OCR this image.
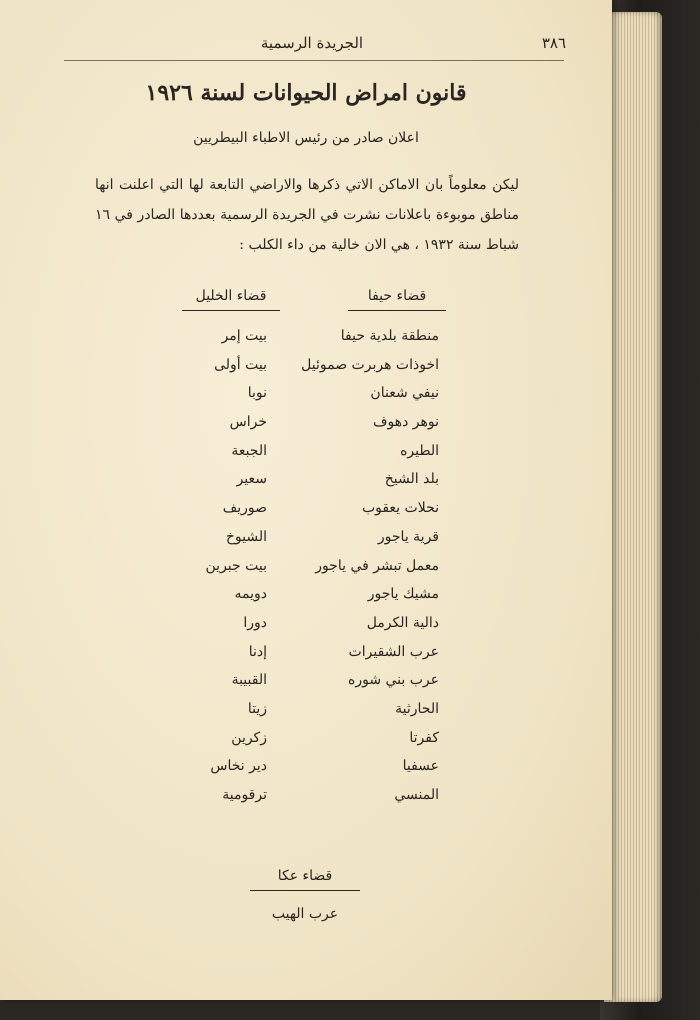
٣٨٦
الجريدة الرسمية
قانون امراض الحيوانات لسنة ١٩٢٦
اعلان صادر من رئيس الاطباء البيطريين
ليكن معلوماً بان الاماكن الاتي ذكرها والاراضي التابعة لها التي اعلنت انها مناطق موبوءة باعلانات نشرت في الجريدة الرسمية بعددها الصادر في ١٦ شباط سنة ١٩٣٢ ، هي الان خالية من داء الكلب :
قضاء حيفا
قضاء الخليل
منطقة بلدية حيفا
اخوذات هربرت صموئيل
نيفي شعنان
نوهر دهوف
الطيره
بلد الشيخ
نحلات يعقوب
قرية ياجور
معمل تبشر في ياجور
مشيك ياجور
دالية الكرمل
عرب الشقيرات
عرب بني شوره
الحارثية
كفرتا
عسفيا
المنسي
بيت إمر
بيت أولى
نوبا
خراس
الجبعة
سعير
صوريف
الشيوخ
بيت جبرين
دويمه
دورا
إدنا
القبيبة
زيتا
زكرين
دير نخاس
ترقومية
قضاء عكا
عرب الهيب
